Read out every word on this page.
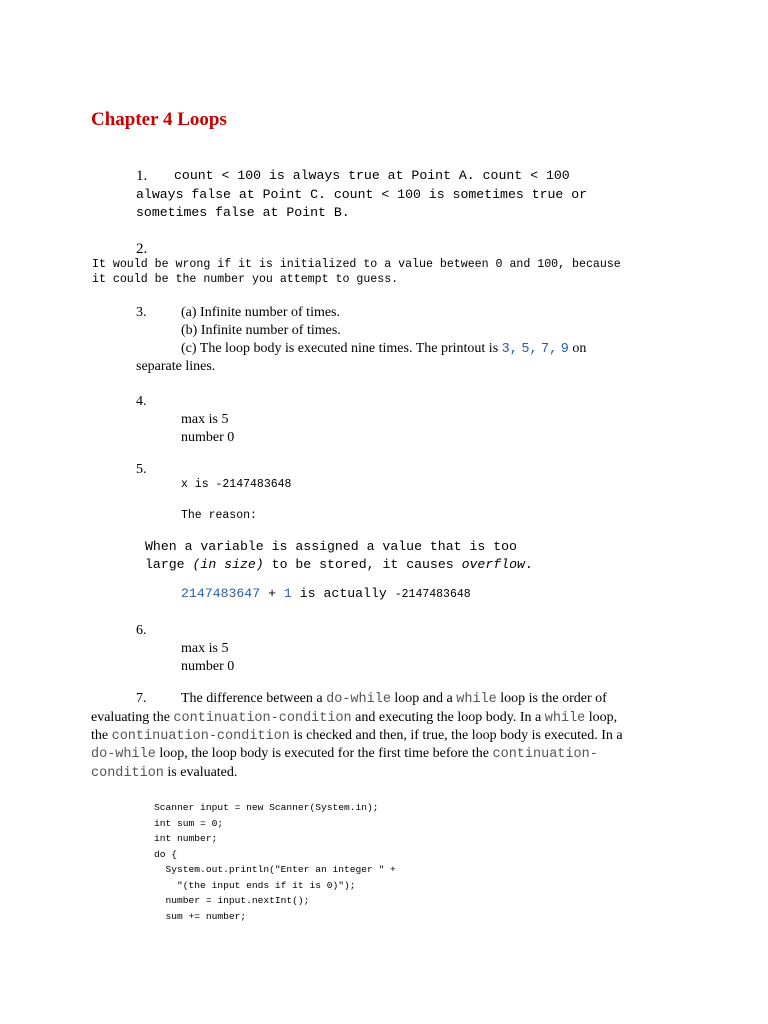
Chapter 4 Loops
1. count < 100 is always true at Point A. count < 100
always false at Point C. count < 100 is sometimes true or
sometimes false at Point B.
2.
It would be wrong if it is initialized to a value between 0 and 100, because
it could be the number you attempt to guess.
3. (a) Infinite number of times.
(b) Infinite number of times.
(c) The loop body is executed nine times. The printout is 3, 5, 7, 9 on
separate lines.
4.
max is 5
number 0
5.
x is -2147483648
The reason:
When a variable is assigned a value that is too
large (in size) to be stored, it causes overflow.
2147483647 + 1 is actually -2147483648
6.
max is 5
number 0
7. The difference between a do-while loop and a while loop is the order of
evaluating the continuation-condition and executing the loop body. In a while loop,
the continuation-condition is checked and then, if true, the loop body is executed. In a
do-while loop, the loop body is executed for the first time before the continuation-
condition is evaluated.
Scanner input = new Scanner(System.in);
int sum = 0;
int number;
do {
System.out.println("Enter an integer " +
"(the input ends if it is 0)");
number = input.nextInt();
sum += number;
